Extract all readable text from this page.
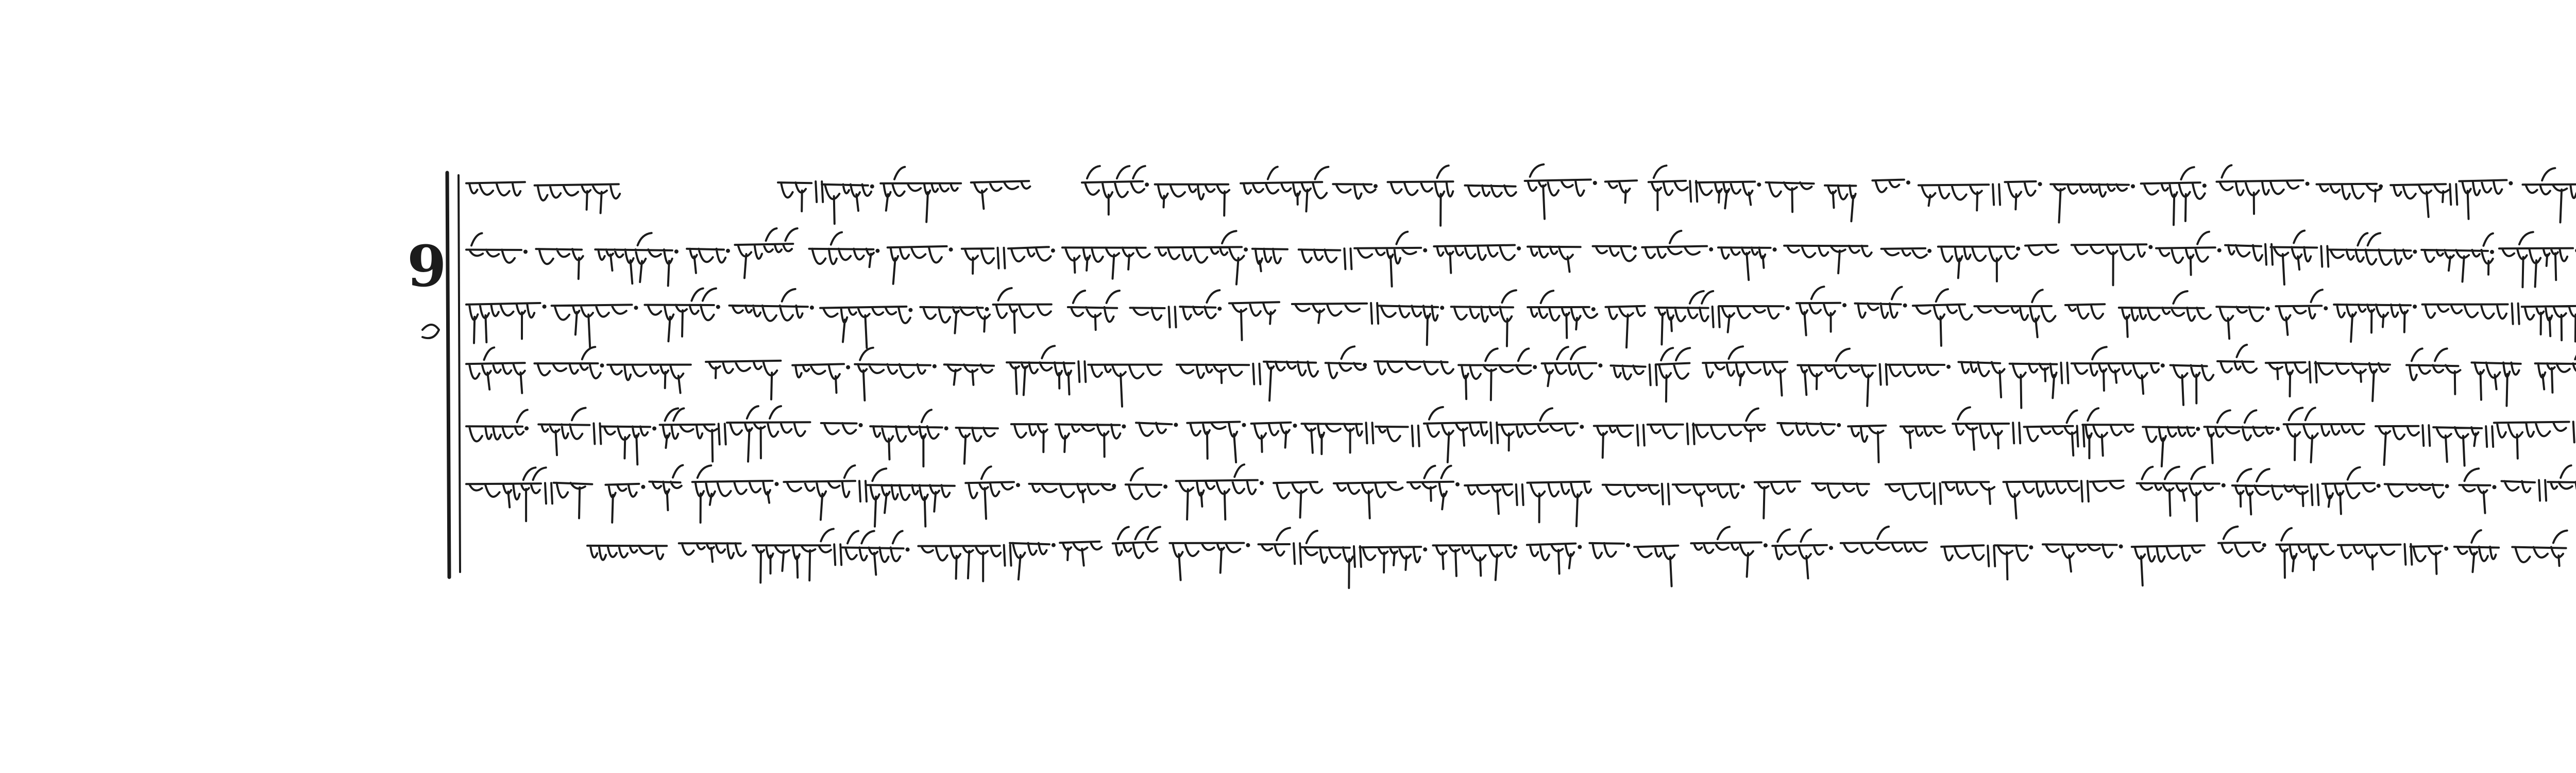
9
